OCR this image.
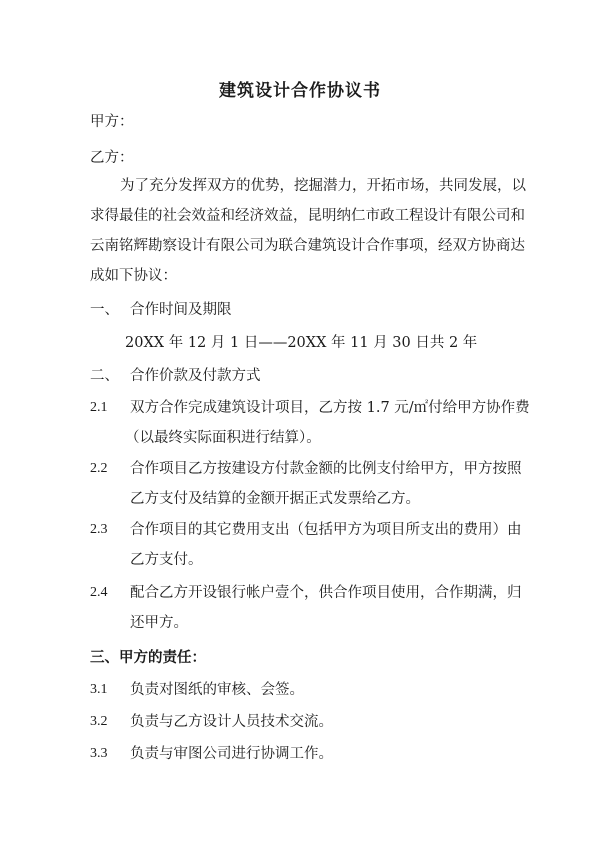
建筑设计合作协议书
甲方：
乙方：
为了充分发挥双方的优势，挖掘潜力，开拓市场，共同发展，以
求得最佳的社会效益和经济效益，昆明纳仁市政工程设计有限公司和
云南铭辉勘察设计有限公司为联合建筑设计合作事项，经双方协商达
成如下协议：
一、 合作时间及期限
20XX 年 12 月 1 日——20XX 年 11 月 30 日共 2 年
二、 合作价款及付款方式
2.1 双方合作完成建筑设计项目，乙方按 1.7 元/㎡付给甲方协作费
（以最终实际面积进行结算）。
2.2 合作项目乙方按建设方付款金额的比例支付给甲方，甲方按照
乙方支付及结算的金额开据正式发票给乙方。
2.3 合作项目的其它费用支出（包括甲方为项目所支出的费用）由
乙方支付。
2.4 配合乙方开设银行帐户壹个，供合作项目使用，合作期满，归
还甲方。
三、甲方的责任：
3.1 负责对图纸的审核、会签。
3.2 负责与乙方设计人员技术交流。
3.3 负责与审图公司进行协调工作。
